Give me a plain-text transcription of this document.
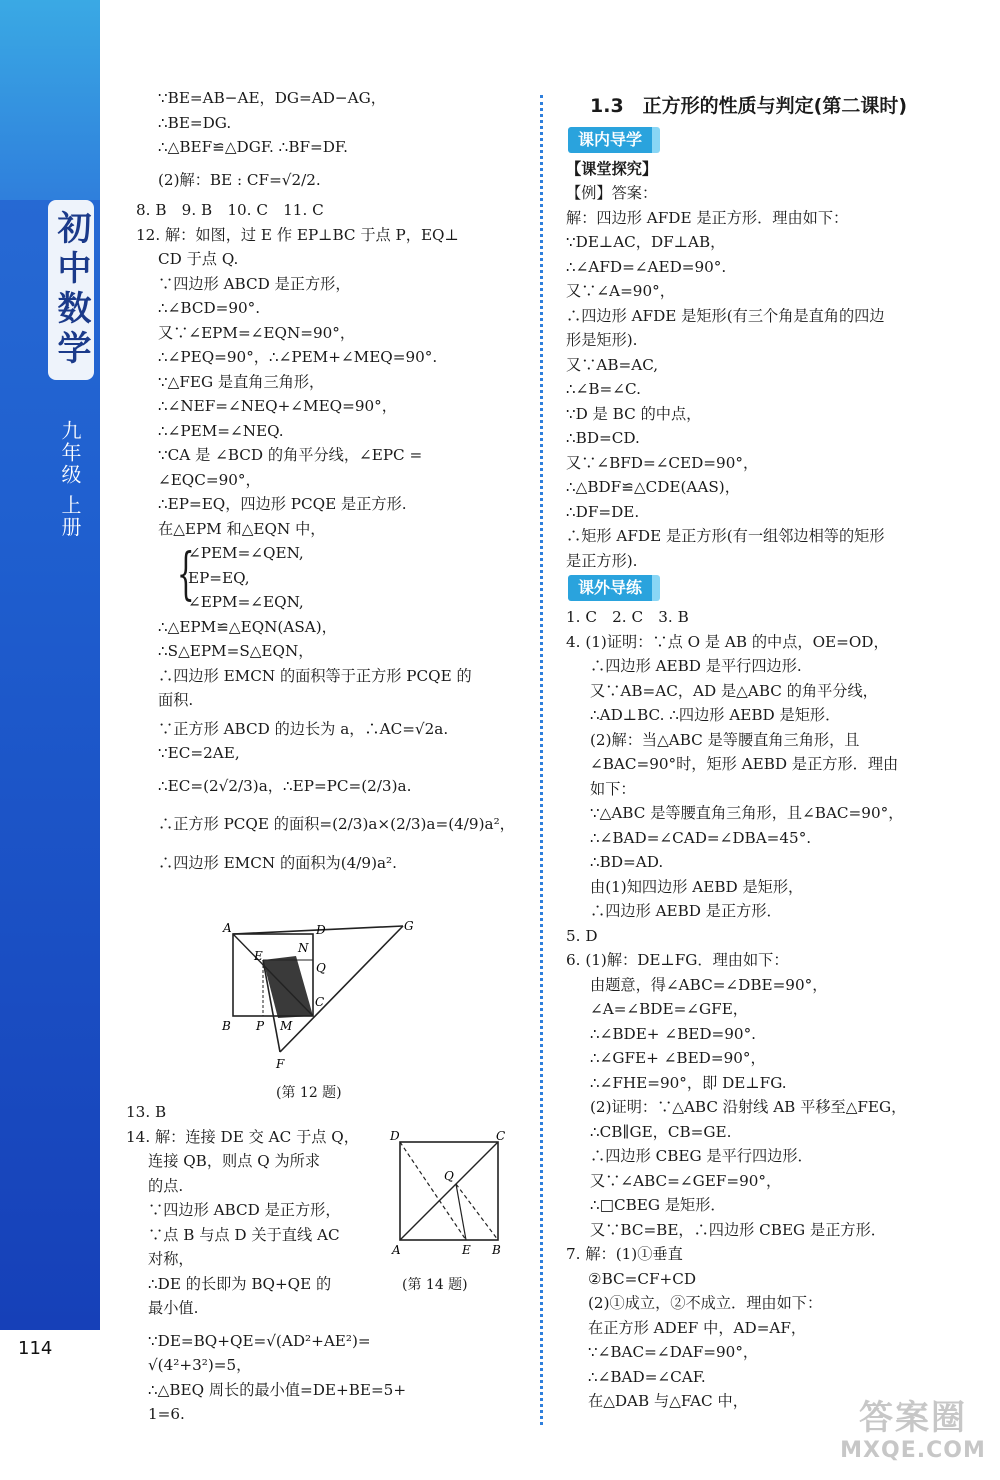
初中数学
九年级 上册
114
∵BE=AB−AE，DG=AD−AG，
∴BE=DG.
∴△BEF≌△DGF. ∴BF=DF.
(2)解：BE : CF=√2/2.
8. B　9. B　10. C　11. C
12. 解：如图，过 E 作 EP⊥BC 于点 P，EQ⊥
CD 于点 Q.
∵四边形 ABCD 是正方形，
∴∠BCD=90°.
又∵∠EPM=∠EQN=90°，
∴∠PEQ=90°，∴∠PEM+∠MEQ=90°.
∵△FEG 是直角三角形，
∴∠NEF=∠NEQ+∠MEQ=90°，
∴∠PEM=∠NEQ.
∵CA 是 ∠BCD 的角平分线，∠EPC =
∠EQC=90°，
∴EP=EQ，四边形 PCQE 是正方形.
在△EPM 和△EQN 中，
{
∠PEM=∠QEN,
EP=EQ,
∠EPM=∠EQN,
∴△EPM≌△EQN(ASA)，
∴S△EPM=S△EQN，
∴四边形 EMCN 的面积等于正方形 PCQE 的
面积.
∵正方形 ABCD 的边长为 a，∴AC=√2a.
∵EC=2AE,
∴EC=(2√2/3)a，∴EP=PC=(2/3)a.
∴正方形 PCQE 的面积=(2/3)a×(2/3)a=(4/9)a²，
∴四边形 EMCN 的面积为(4/9)a².
A	D	G
E
N
Q
C
B P M
F
(第 12 题)
13. B
14. 解：连接 DE 交 AC 于点 Q，
连接 QB，则点 Q 为所求
的点.
∵四边形 ABCD 是正方形，
∵点 B 与点 D 关于直线 AC
对称，
∴DE 的长即为 BQ+QE 的
最小值.
∵DE=BQ+QE=√(AD²+AE²)=
√(4²+3²)=5，
∴△BEQ 周长的最小值=DE+BE=5+
1=6.
D	C
Q
A	E B
(第 14 题)
1.3　正方形的性质与判定(第二课时)
课内导学
【课堂探究】
【例】答案：
解：四边形 AFDE 是正方形．理由如下：
∵DE⊥AC，DF⊥AB，
∴∠AFD=∠AED=90°.
又∵∠A=90°，
∴四边形 AFDE 是矩形(有三个角是直角的四边
形是矩形).
又∵AB=AC,
∴∠B=∠C.
∵D 是 BC 的中点，
∴BD=CD.
又∵∠BFD=∠CED=90°，
∴△BDF≌△CDE(AAS)，
∴DF=DE.
∴矩形 AFDE 是正方形(有一组邻边相等的矩形
是正方形).
课外导练
1. C　2. C　3. B
4. (1)证明：∵点 O 是 AB 的中点，OE=OD，
∴四边形 AEBD 是平行四边形.
又∵AB=AC，AD 是△ABC 的角平分线，
∴AD⊥BC. ∴四边形 AEBD 是矩形．
(2)解：当△ABC 是等腰直角三角形，且
∠BAC=90°时，矩形 AEBD 是正方形．理由
如下：
∵△ABC 是等腰直角三角形，且∠BAC=90°，
∴∠BAD=∠CAD=∠DBA=45°.
∴BD=AD.
由(1)知四边形 AEBD 是矩形，
∴四边形 AEBD 是正方形．
5. D
6. (1)解：DE⊥FG．理由如下：
由题意，得∠ABC=∠DBE=90°，
∠A=∠BDE=∠GFE，
∴∠BDE+ ∠BED=90°.
∴∠GFE+ ∠BED=90°，
∴∠FHE=90°，即 DE⊥FG.
(2)证明：∵△ABC 沿射线 AB 平移至△FEG，
∴CB∥GE，CB=GE.
∴四边形 CBEG 是平行四边形．
又∵∠ABC=∠GEF=90°，
∴□CBEG 是矩形．
又∵BC=BE，∴四边形 CBEG 是正方形．
7. 解：(1)①垂直
②BC=CF+CD
(2)①成立，②不成立．理由如下：
在正方形 ADEF 中，AD=AF，
∵∠BAC=∠DAF=90°，
∴∠BAD=∠CAF.
在△DAB 与△FAC 中，	答案圈
MXQE.COM
